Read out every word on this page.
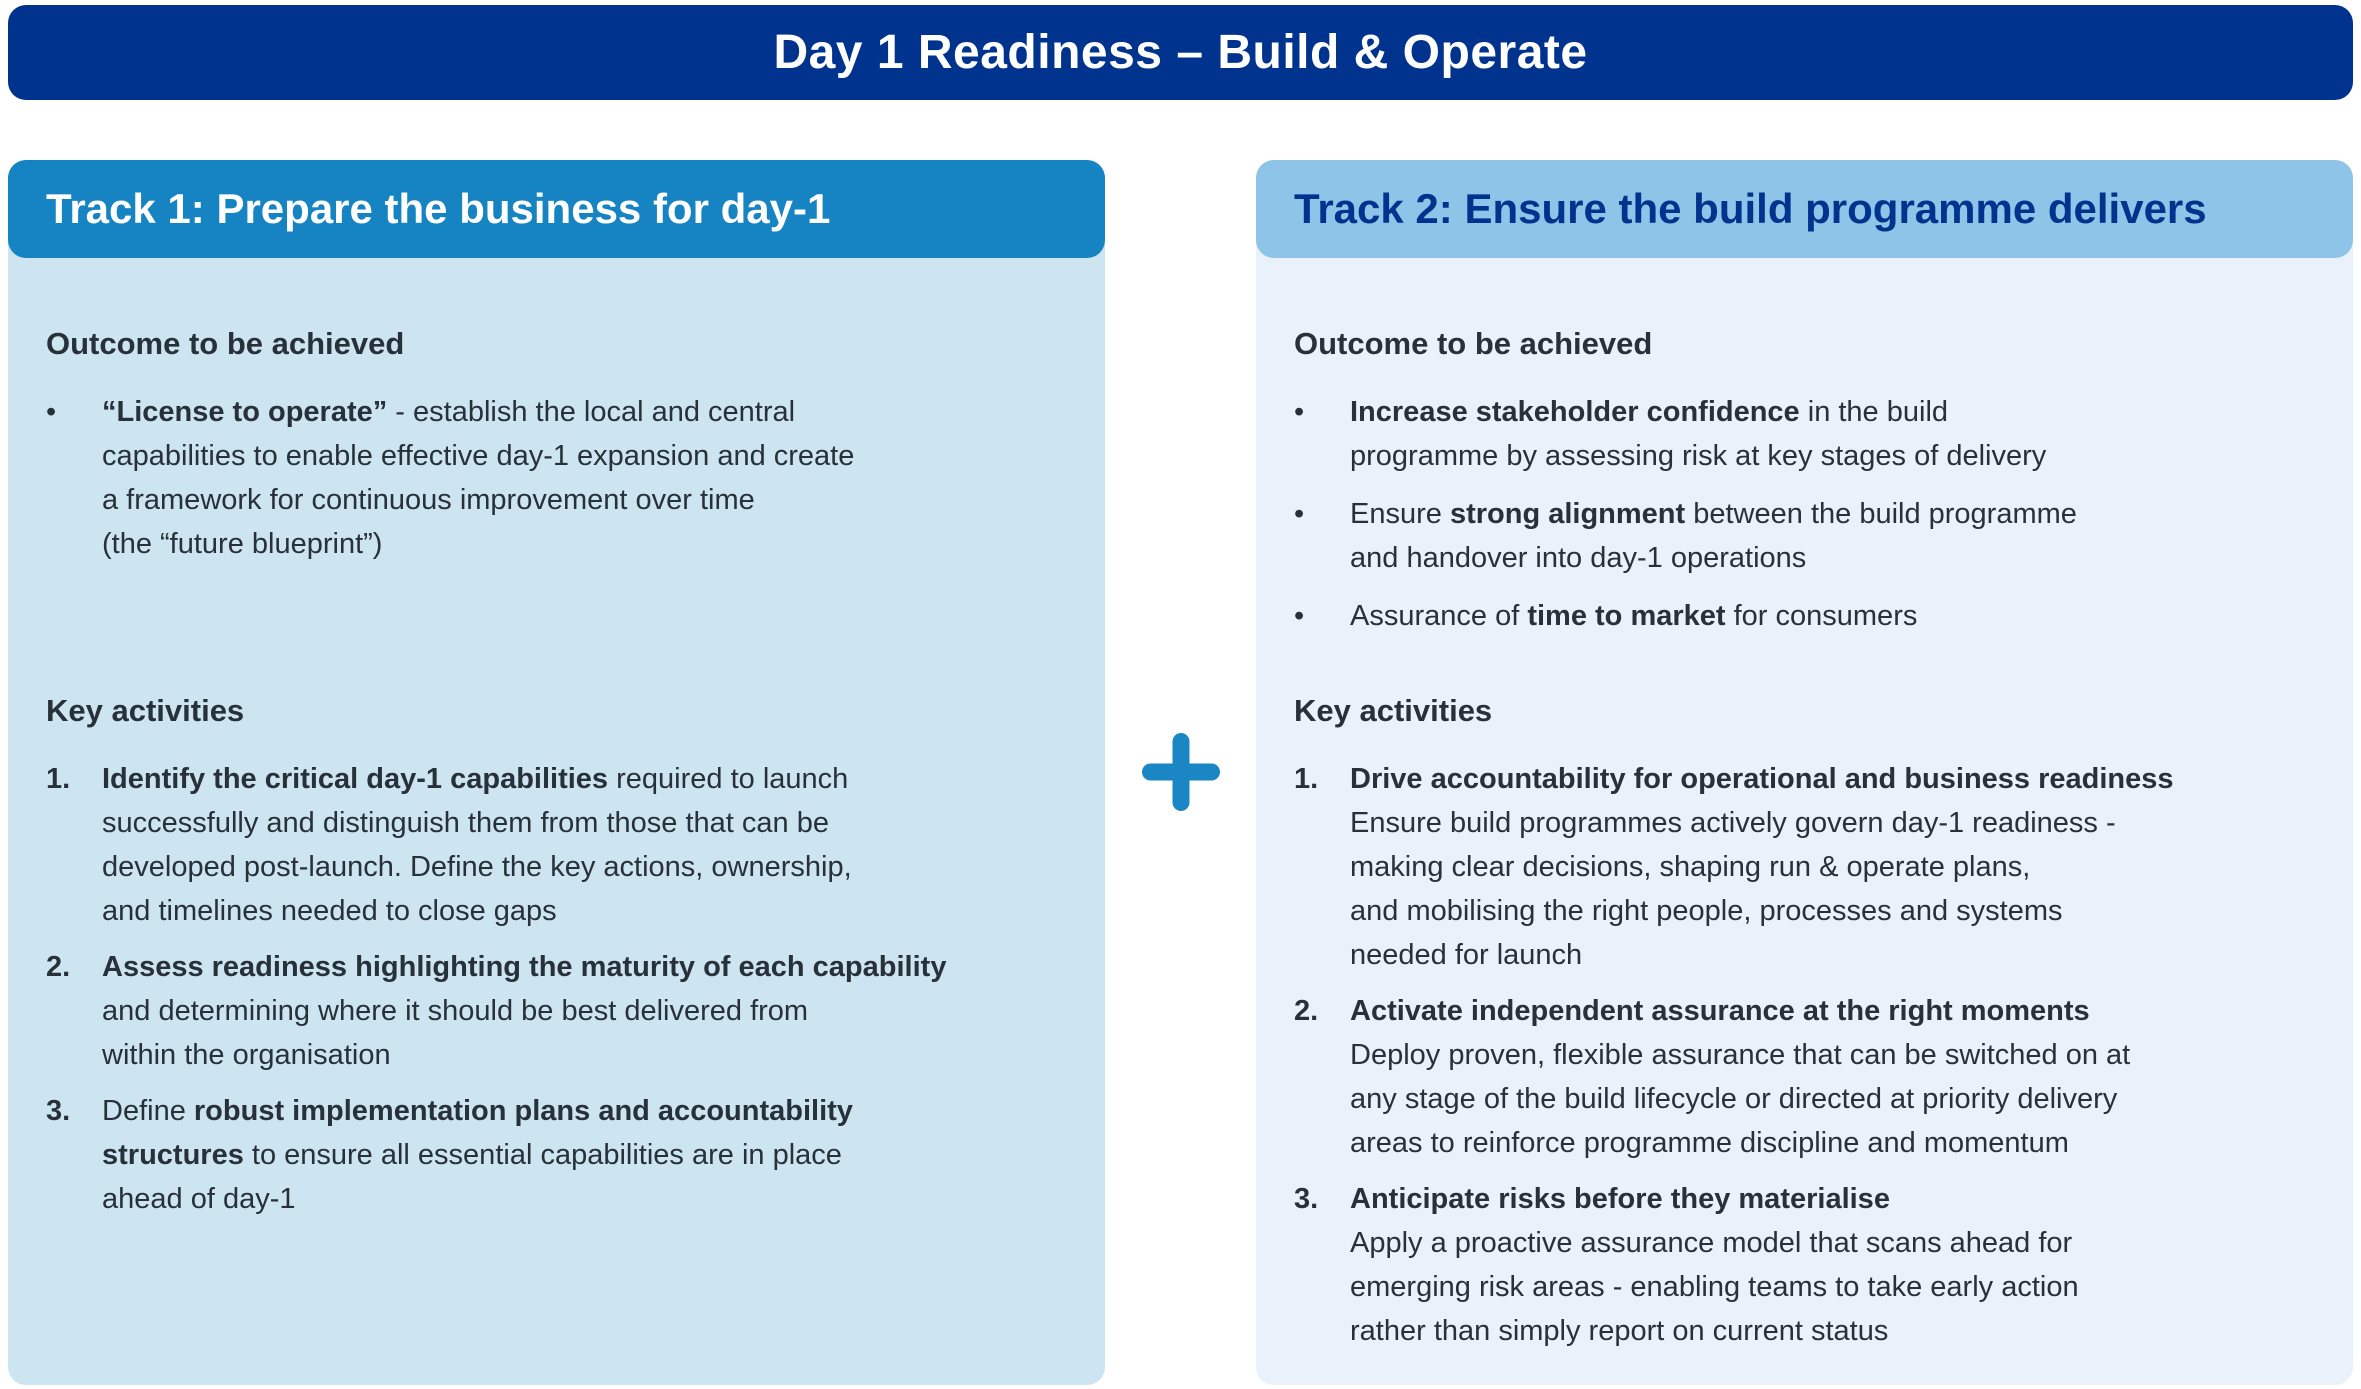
Day 1 Readiness – Build & Operate
Track 1: Prepare the business for day-1
Outcome to be achieved
•	“License to operate” - establish the local and central
capabilities to enable effective day-1 expansion and create
a framework for continuous improvement over time
(the “future blueprint”)
Key activities
1.	Identify the critical day-1 capabilities required to launch
successfully and distinguish them from those that can be
developed post-launch. Define the key actions, ownership,
and timelines needed to close gaps
2.	Assess readiness highlighting the maturity of each capability
and determining where it should be best delivered from
within the organisation
3.	Define robust implementation plans and accountability
structures to ensure all essential capabilities are in place
ahead of day-1
Track 2: Ensure the build programme delivers
Outcome to be achieved
•	Increase stakeholder confidence in the build
programme by assessing risk at key stages of delivery
•	Ensure strong alignment between the build programme
and handover into day-1 operations
•	Assurance of time to market for consumers
Key activities
1.	Drive accountability for operational and business readiness
Ensure build programmes actively govern day-1 readiness -
making clear decisions, shaping run & operate plans,
and mobilising the right people, processes and systems
needed for launch
2.	Activate independent assurance at the right moments
Deploy proven, flexible assurance that can be switched on at
any stage of the build lifecycle or directed at priority delivery
areas to reinforce programme discipline and momentum
3.	Anticipate risks before they materialise
Apply a proactive assurance model that scans ahead for
emerging risk areas - enabling teams to take early action
rather than simply report on current status
